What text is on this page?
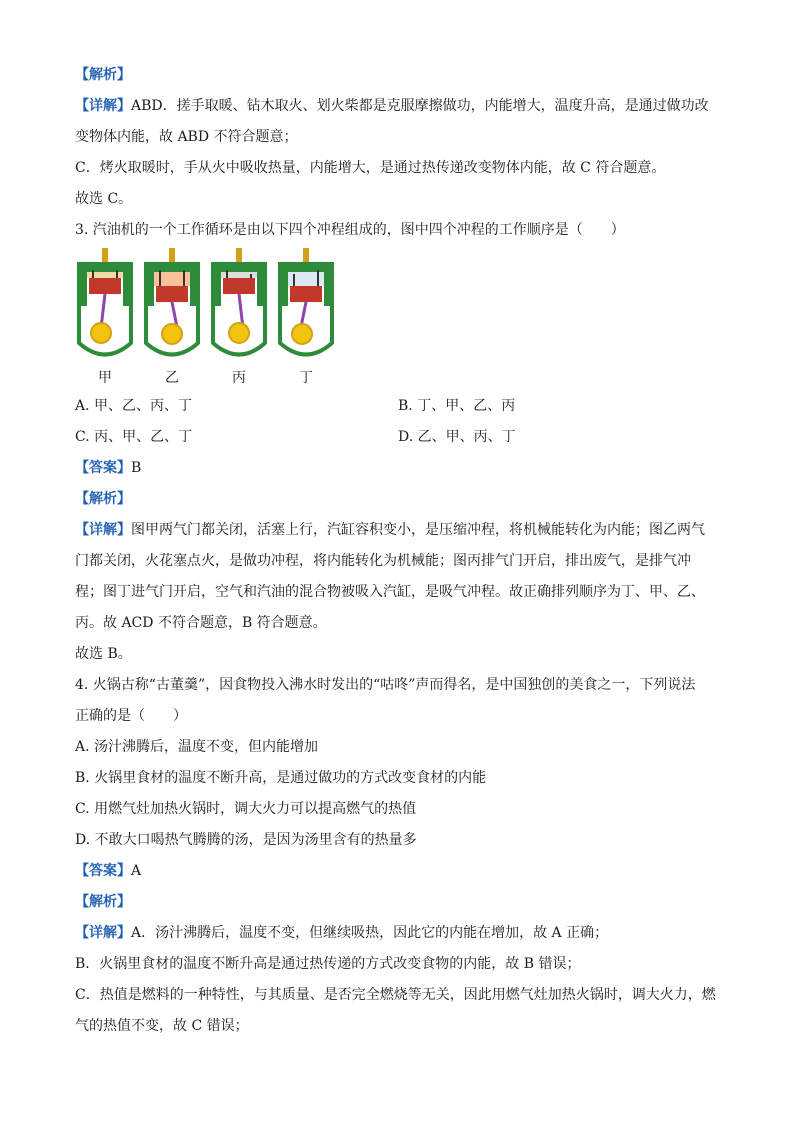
【解析】
【详解】ABD．搓手取暖、钻木取火、划火柴都是克服摩擦做功，内能增大，温度升高，是通过做功改
变物体内能，故 ABD 不符合题意；
C．烤火取暖时，手从火中吸收热量，内能增大，是通过热传递改变物体内能，故 C 符合题意。
故选 C。
3. 汽油机的一个工作循环是由以下四个冲程组成的，图中四个冲程的工作顺序是（　　）
甲	乙	丙	丁
A. 甲、乙、丙、丁	B. 丁、甲、乙、丙
C. 丙、甲、乙、丁	D. 乙、甲、丙、丁
【答案】B
【解析】
【详解】图甲两气门都关闭，活塞上行，汽缸容积变小，是压缩冲程，将机械能转化为内能；图乙两气
门都关闭，火花塞点火，是做功冲程，将内能转化为机械能；图丙排气门开启，排出废气，是排气冲
程；图丁进气门开启，空气和汽油的混合物被吸入汽缸，是吸气冲程。故正确排列顺序为丁、甲、乙、
丙。故 ACD 不符合题意，B 符合题意。
故选 B。
4. 火锅古称“古董羹”，因食物投入沸水时发出的“咕咚”声而得名，是中国独创的美食之一，下列说法
正确的是（　　）
A. 汤汁沸腾后，温度不变，但内能增加
B. 火锅里食材的温度不断升高，是通过做功的方式改变食材的内能
C. 用燃气灶加热火锅时，调大火力可以提高燃气的热值
D. 不敢大口喝热气腾腾的汤，是因为汤里含有的热量多
【答案】A
【解析】
【详解】A．汤汁沸腾后，温度不变，但继续吸热，因此它的内能在增加，故 A 正确；
B．火锅里食材的温度不断升高是通过热传递的方式改变食物的内能，故 B 错误；
C．热值是燃料的一种特性，与其质量、是否完全燃烧等无关，因此用燃气灶加热火锅时，调大火力，燃
气的热值不变，故 C 错误；
